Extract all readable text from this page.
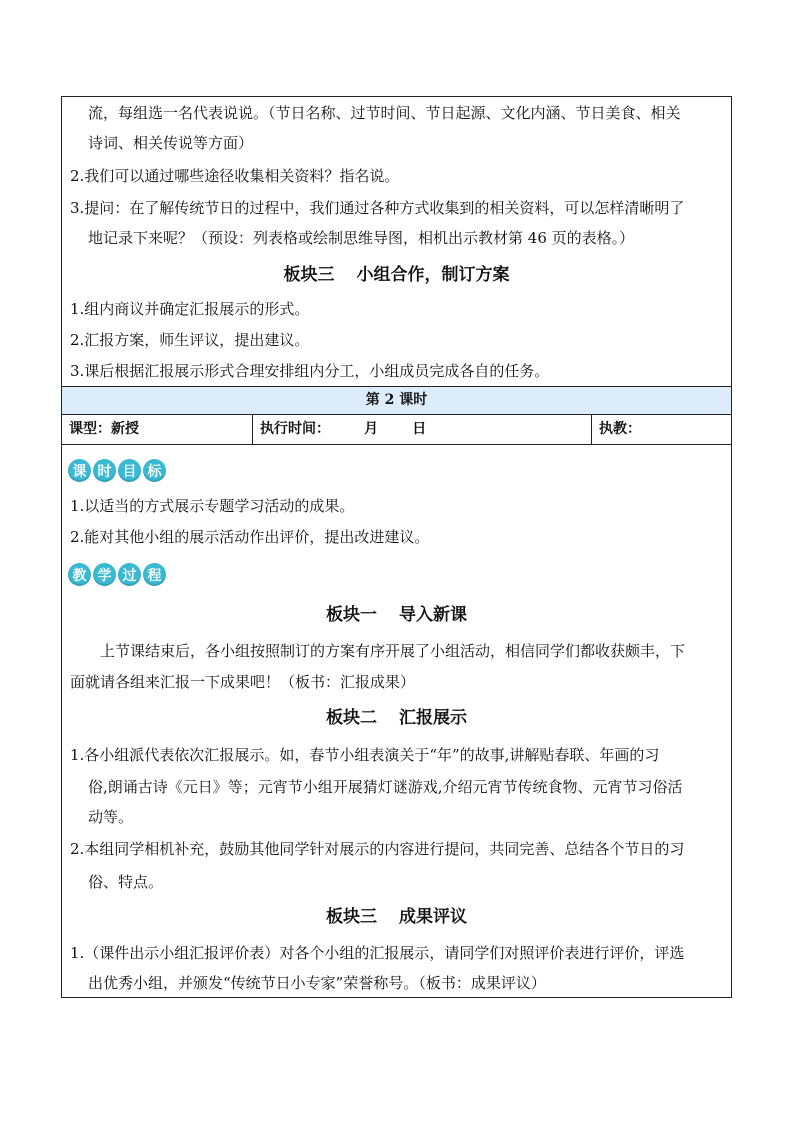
流，每组选一名代表说说。（节日名称、过节时间、节日起源、文化内涵、节日美食、相关
诗词、相关传说等方面）
2.我们可以通过哪些途径收集相关资料？指名说。
3.提问：在了解传统节日的过程中，我们通过各种方式收集到的相关资料，可以怎样清晰明了
地记录下来呢？（预设：列表格或绘制思维导图，相机出示教材第 46 页的表格。）
板块三 小组合作，制订方案
1.组内商议并确定汇报展示的形式。
2.汇报方案，师生评议，提出建议。
3.课后根据汇报展示形式合理安排组内分工，小组成员完成各自的任务。
第 2 课时
课型：新授	执行时间：       月       日	执教：
课 时 目 标
1.以适当的方式展示专题学习活动的成果。
2.能对其他小组的展示活动作出评价，提出改进建议。
教 学 过 程
板块一 导入新课
上节课结束后，各小组按照制订的方案有序开展了小组活动，相信同学们都收获颇丰，下
面就请各组来汇报一下成果吧！（板书：汇报成果）
板块二 汇报展示
1.各小组派代表依次汇报展示。如，春节小组表演关于“年”的故事,讲解贴春联、年画的习
俗,朗诵古诗《元日》等；元宵节小组开展猜灯谜游戏,介绍元宵节传统食物、元宵节习俗活
动等。
2.本组同学相机补充，鼓励其他同学针对展示的内容进行提问，共同完善、总结各个节日的习
俗、特点。
板块三 成果评议
1.（课件出示小组汇报评价表）对各个小组的汇报展示，请同学们对照评价表进行评价，评选
出优秀小组，并颁发“传统节日小专家”荣誉称号。（板书：成果评议）
